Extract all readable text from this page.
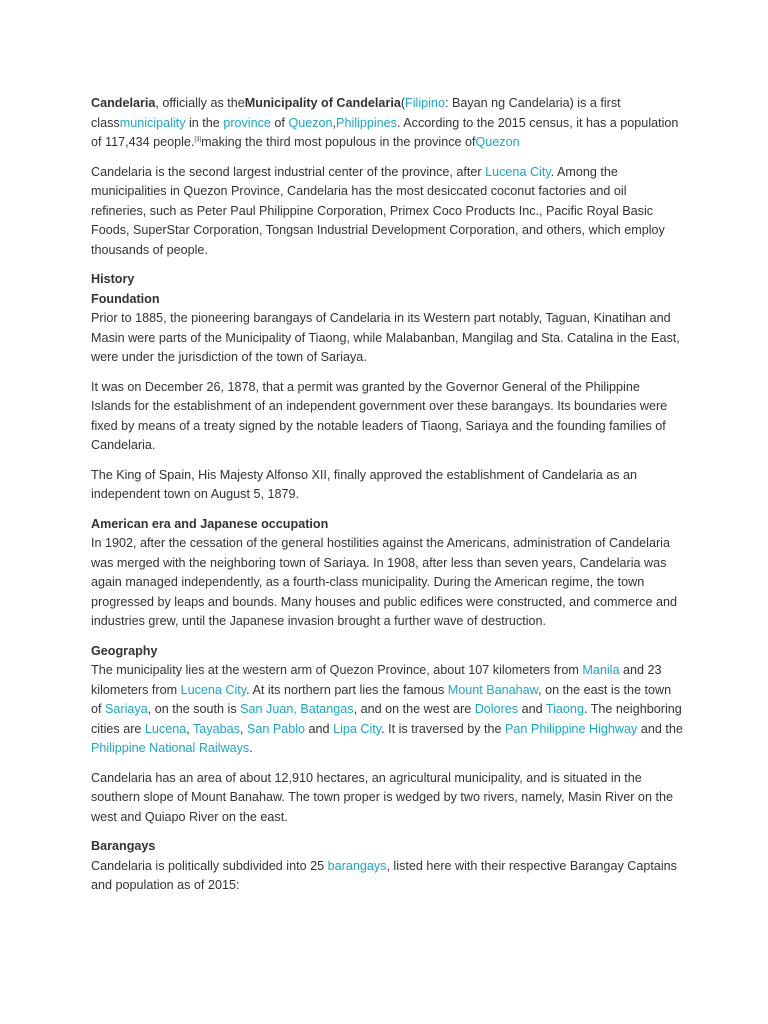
Candelaria, officially as theMunicipality of Candelaria(Filipino: Bayan ng Candelaria) is a first classmunicipality in the province of Quezon,Philippines. According to the 2015 census, it has a population of 117,434 people.[3]making the third most populous in the province ofQuezon

Candelaria is the second largest industrial center of the province, after Lucena City. Among the municipalities in Quezon Province, Candelaria has the most desiccated coconut factories and oil refineries, such as Peter Paul Philippine Corporation, Primex Coco Products Inc., Pacific Royal Basic Foods, SuperStar Corporation, Tongsan Industrial Development Corporation, and others, which employ thousands of people.

History
Foundation

Prior to 1885, the pioneering barangays of Candelaria in its Western part notably, Taguan, Kinatihan and Masin were parts of the Municipality of Tiaong, while Malabanban, Mangilag and Sta. Catalina in the East, were under the jurisdiction of the town of Sariaya.

It was on December 26, 1878, that a permit was granted by the Governor General of the Philippine Islands for the establishment of an independent government over these barangays. Its boundaries were fixed by means of a treaty signed by the notable leaders of Tiaong, Sariaya and the founding families of Candelaria.

The King of Spain, His Majesty Alfonso XII, finally approved the establishment of Candelaria as an independent town on August 5, 1879.

American era and Japanese occupation

In 1902, after the cessation of the general hostilities against the Americans, administration of Candelaria was merged with the neighboring town of Sariaya. In 1908, after less than seven years, Candelaria was again managed independently, as a fourth-class municipality. During the American regime, the town progressed by leaps and bounds. Many houses and public edifices were constructed, and commerce and industries grew, until the Japanese invasion brought a further wave of destruction.

Geography

The municipality lies at the western arm of Quezon Province, about 107 kilometers from Manila and 23 kilometers from Lucena City. At its northern part lies the famous Mount Banahaw, on the east is the town of Sariaya, on the south is San Juan, Batangas, and on the west are Dolores and Tiaong. The neighboring cities are Lucena, Tayabas, San Pablo and Lipa City. It is traversed by the Pan Philippine Highway and the Philippine National Railways.

Candelaria has an area of about 12,910 hectares, an agricultural municipality, and is situated in the southern slope of Mount Banahaw. The town proper is wedged by two rivers, namely, Masin River on the west and Quiapo River on the east.

Barangays

Candelaria is politically subdivided into 25 barangays, listed here with their respective Barangay Captains and population as of 2015:
